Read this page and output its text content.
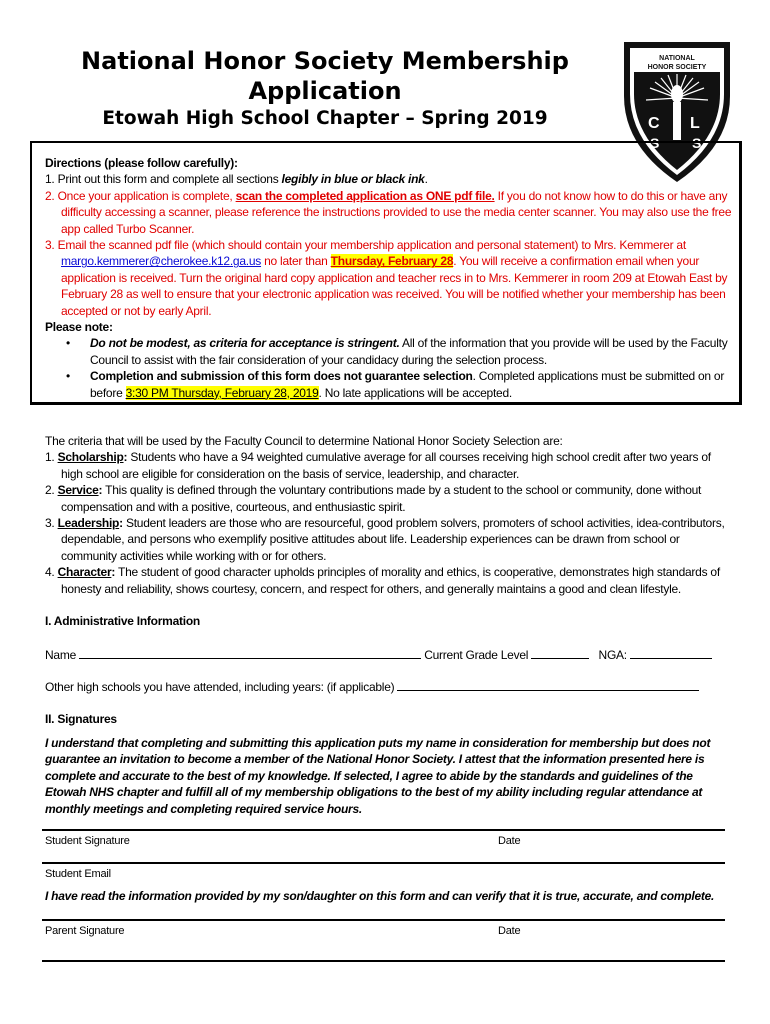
National Honor Society Membership Application
Etowah High School Chapter – Spring 2019
NATIONAL
HONOR SOCIETY
C
S
L
S
Directions (please follow carefully):
1. Print out this form and complete all sections legibly in blue or black ink.
2. Once your application is complete, scan the completed application as ONE pdf file. If you do not know how to do this or have any difficulty accessing a scanner, please reference the instructions provided to use the media center scanner. You may also use the free app called Turbo Scanner.
3. Email the scanned pdf file (which should contain your membership application and personal statement) to Mrs. Kemmerer at margo.kemmerer@cherokee.k12.ga.us no later than Thursday, February 28. You will receive a confirmation email when your application is received. Turn the original hard copy application and teacher recs in to Mrs. Kemmerer in room 209 at Etowah East by February 28 as well to ensure that your electronic application was received. You will be notified whether your membership has been accepted or not by early April.
Please note:
• Do not be modest, as criteria for acceptance is stringent. All of the information that you provide will be used by the Faculty Council to assist with the fair consideration of your candidacy during the selection process.
• Completion and submission of this form does not guarantee selection. Completed applications must be submitted on or before 3:30 PM Thursday, February 28, 2019. No late applications will be accepted.
The criteria that will be used by the Faculty Council to determine National Honor Society Selection are:
1. Scholarship: Students who have a 94 weighted cumulative average for all courses receiving high school credit after two years of high school are eligible for consideration on the basis of service, leadership, and character.
2. Service: This quality is defined through the voluntary contributions made by a student to the school or community, done without compensation and with a positive, courteous, and enthusiastic spirit.
3. Leadership: Student leaders are those who are resourceful, good problem solvers, promoters of school activities, idea-contributors, dependable, and persons who exemplify positive attitudes about life. Leadership experiences can be drawn from school or community activities while working with or for others.
4. Character: The student of good character upholds principles of morality and ethics, is cooperative, demonstrates high standards of honesty and reliability, shows courtesy, concern, and respect for others, and generally maintains a good and clean lifestyle.
I. Administrative Information
Name	Current Grade Level	NGA:
Other high schools you have attended, including years: (if applicable)
II. Signatures
I understand that completing and submitting this application puts my name in consideration for membership but does not guarantee an invitation to become a member of the National Honor Society. I attest that the information presented here is complete and accurate to the best of my knowledge. If selected, I agree to abide by the standards and guidelines of the Etowah NHS chapter and fulfill all of my membership obligations to the best of my ability including regular attendance at monthly meetings and completing required service hours.
Student Signature	Date
Student Email
I have read the information provided by my son/daughter on this form and can verify that it is true, accurate, and complete.
Parent Signature	Date
